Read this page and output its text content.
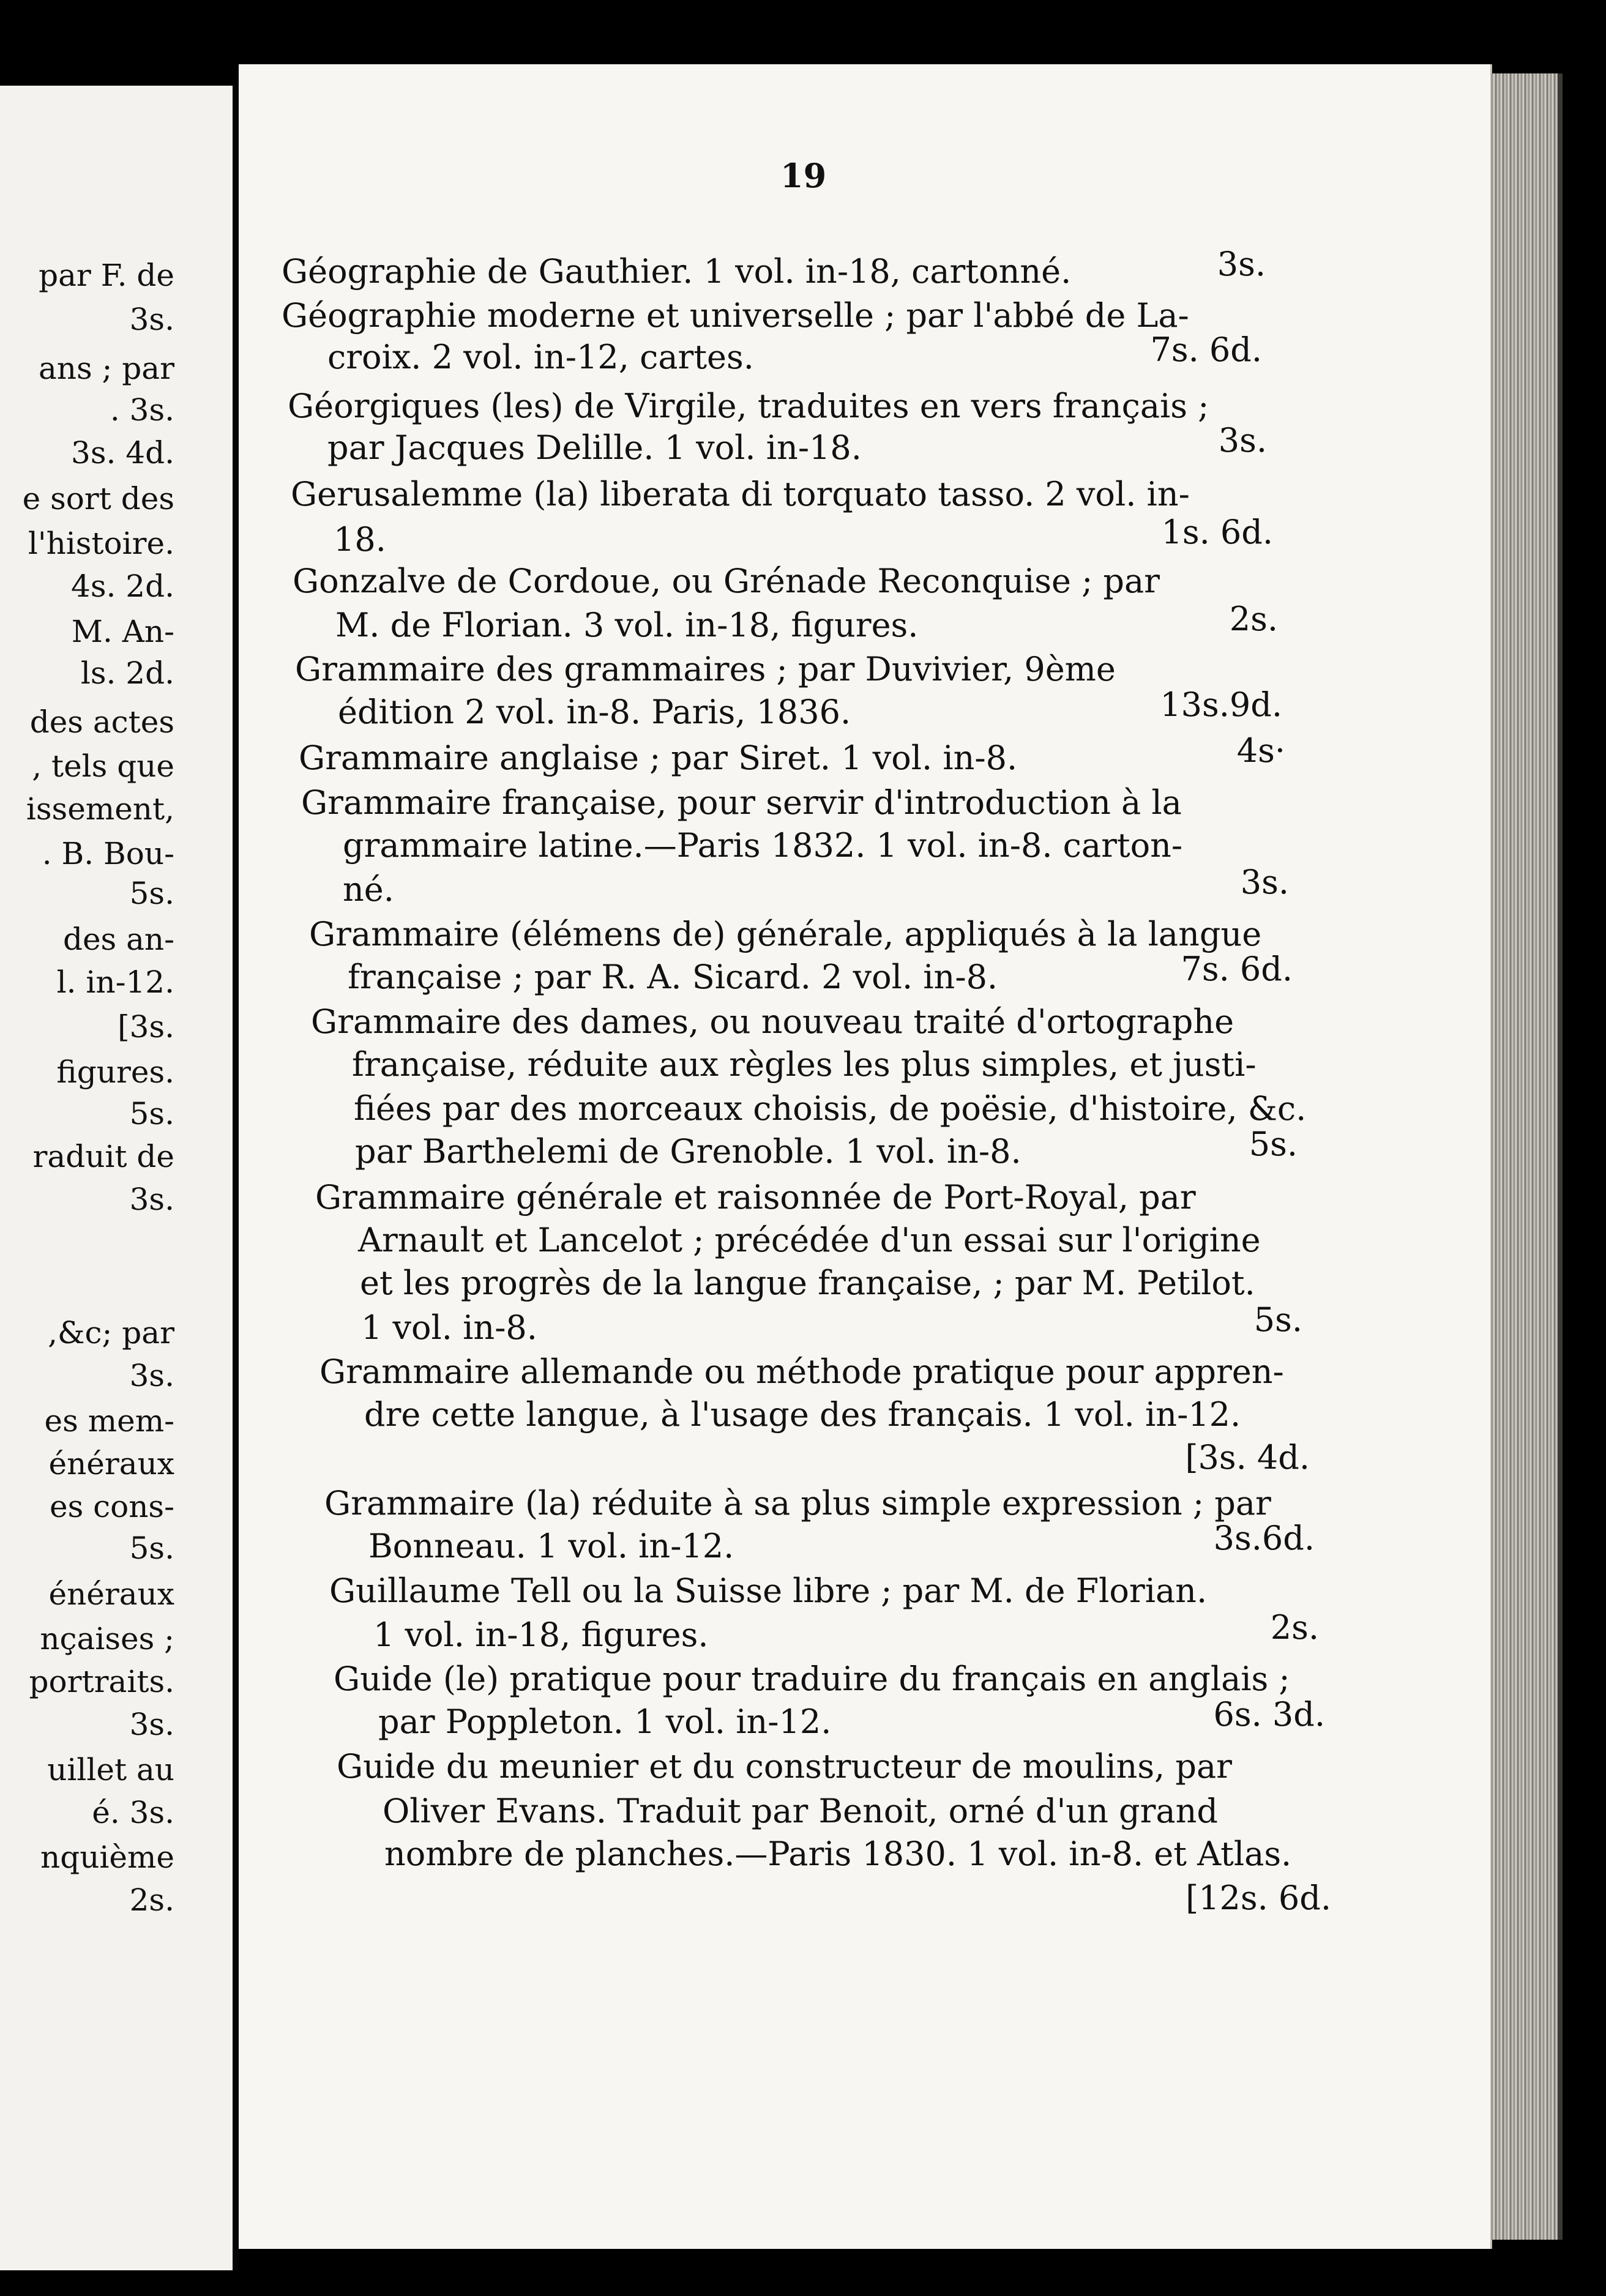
par F. de
3s.
ans ; par
. 3s.
3s. 4d.
e sort des
l'histoire.
4s. 2d.
M. An-
ls. 2d.
des actes
, tels que
issement,
. B. Bou-
5s.
des an-
l. in-12.
[3s.
figures.
5s.
raduit de
3s.
,&c; par
3s.
es mem-
énéraux
es cons-
5s.
énéraux
nçaises ;
portraits.
3s.
uillet au
é. 3s.
nquième
2s.
19
Géographie de Gauthier. 1 vol. in-18, cartonné.
Géographie moderne et universelle ; par l'abbé de La-
croix. 2 vol. in-12, cartes.
Géorgiques (les) de Virgile, traduites en vers français ;
par Jacques Delille. 1 vol. in-18.
Gerusalemme (la) liberata di torquato tasso. 2 vol. in-
18.
Gonzalve de Cordoue, ou Grénade Reconquise ; par
M. de Florian. 3 vol. in-18, figures.
Grammaire des grammaires ; par Duvivier, 9ème
édition 2 vol. in-8. Paris, 1836.
Grammaire anglaise ; par Siret. 1 vol. in-8.
Grammaire française, pour servir d'introduction à la
grammaire latine.—Paris 1832. 1 vol. in-8. carton-
né.
Grammaire (élémens de) générale, appliqués à la langue
française ; par R. A. Sicard. 2 vol. in-8.
Grammaire des dames, ou nouveau traité d'ortographe
française, réduite aux règles les plus simples, et justi-
fiées par des morceaux choisis, de poësie, d'histoire, &c.
par Barthelemi de Grenoble. 1 vol. in-8.
Grammaire générale et raisonnée de Port-Royal, par
Arnault et Lancelot ; précédée d'un essai sur l'origine
et les progrès de la langue française, ; par M. Petilot.
1 vol. in-8.
Grammaire allemande ou méthode pratique pour appren-
dre cette langue, à l'usage des français. 1 vol. in-12.
Grammaire (la) réduite à sa plus simple expression ; par
Bonneau. 1 vol. in-12.
Guillaume Tell ou la Suisse libre ; par M. de Florian.
1 vol. in-18, figures.
Guide (le) pratique pour traduire du français en anglais ;
par Poppleton. 1 vol. in-12.
Guide du meunier et du constructeur de moulins, par
Oliver Evans. Traduit par Benoit, orné d'un grand
nombre de planches.—Paris 1830. 1 vol. in-8. et Atlas.
3s.
7s. 6d.
3s.
1s. 6d.
2s.
13s.9d.
4s·
3s.
7s. 6d.
5s.
5s.
[3s. 4d.
3s.6d.
2s.
6s. 3d.
[12s. 6d.
